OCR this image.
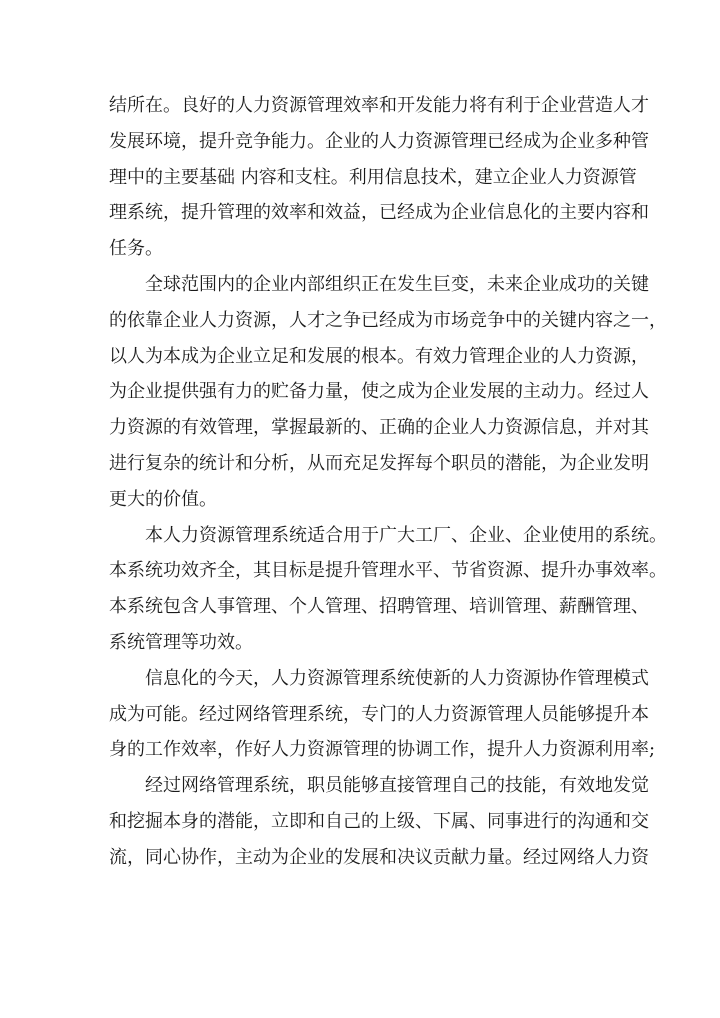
结所在。良好的人力资源管理效率和开发能力将有利于企业营造人才
发展环境，提升竞争能力。企业的人力资源管理已经成为企业多种管
理中的主要基础 内容和支柱。利用信息技术，建立企业人力资源管
理系统，提升管理的效率和效益，已经成为企业信息化的主要内容和
任务。
全球范围内的企业内部组织正在发生巨变，未来企业成功的关键
的依靠企业人力资源，人才之争已经成为市场竞争中的关键内容之一，
以人为本成为企业立足和发展的根本。有效力管理企业的人力资源，
为企业提供强有力的贮备力量，使之成为企业发展的主动力。经过人
力资源的有效管理，掌握最新的、正确的企业人力资源信息，并对其
进行复杂的统计和分析，从而充足发挥每个职员的潜能，为企业发明
更大的价值。
本人力资源管理系统适合用于广大工厂、企业、企业使用的系统。
本系统功效齐全，其目标是提升管理水平、节省资源、提升办事效率。
本系统包含人事管理、个人管理、招聘管理、培训管理、薪酬管理、
系统管理等功效。
信息化的今天，人力资源管理系统使新的人力资源协作管理模式
成为可能。经过网络管理系统，专门的人力资源管理人员能够提升本
身的工作效率，作好人力资源管理的协调工作，提升人力资源利用率;
经过网络管理系统，职员能够直接管理自己的技能，有效地发觉
和挖掘本身的潜能，立即和自己的上级、下属、同事进行的沟通和交
流，同心协作，主动为企业的发展和决议贡献力量。经过网络人力资
